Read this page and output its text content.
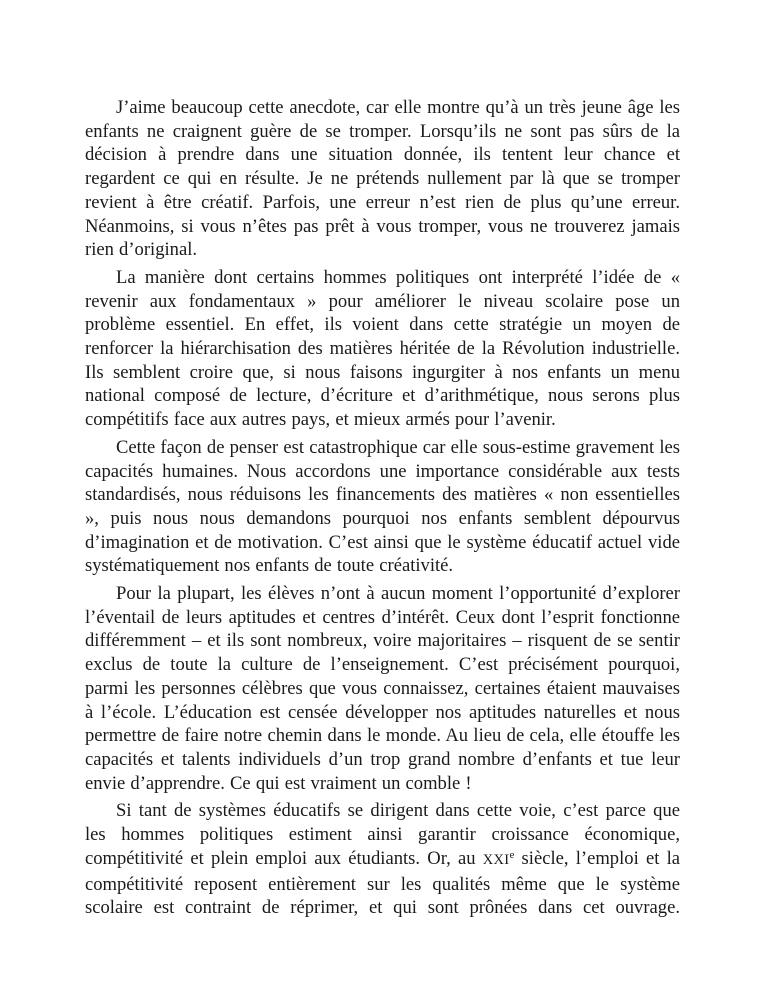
J’aime beaucoup cette anecdote, car elle montre qu’à un très jeune âge les enfants ne craignent guère de se tromper. Lorsqu’ils ne sont pas sûrs de la décision à prendre dans une situation donnée, ils tentent leur chance et regardent ce qui en résulte. Je ne prétends nullement par là que se tromper revient à être créatif. Parfois, une erreur n’est rien de plus qu’une erreur. Néanmoins, si vous n’êtes pas prêt à vous tromper, vous ne trouverez jamais rien d’original.

La manière dont certains hommes politiques ont interprété l’idée de « revenir aux fondamentaux » pour améliorer le niveau scolaire pose un problème essentiel. En effet, ils voient dans cette stratégie un moyen de renforcer la hiérarchisation des matières héritée de la Révolution industrielle. Ils semblent croire que, si nous faisons ingurgiter à nos enfants un menu national composé de lecture, d’écriture et d’arithmétique, nous serons plus compétitifs face aux autres pays, et mieux armés pour l’avenir.

Cette façon de penser est catastrophique car elle sous-estime gravement les capacités humaines. Nous accordons une importance considérable aux tests standardisés, nous réduisons les financements des matières « non essentielles », puis nous nous demandons pourquoi nos enfants semblent dépourvus d’imagination et de motivation. C’est ainsi que le système éducatif actuel vide systématiquement nos enfants de toute créativité.

Pour la plupart, les élèves n’ont à aucun moment l’opportunité d’explorer l’éventail de leurs aptitudes et centres d’intérêt. Ceux dont l’esprit fonctionne différemment – et ils sont nombreux, voire majoritaires – risquent de se sentir exclus de toute la culture de l’enseignement. C’est précisément pourquoi, parmi les personnes célèbres que vous connaissez, certaines étaient mauvaises à l’école. L’éducation est censée développer nos aptitudes naturelles et nous permettre de faire notre chemin dans le monde. Au lieu de cela, elle étouffe les capacités et talents individuels d’un trop grand nombre d’enfants et tue leur envie d’apprendre. Ce qui est vraiment un comble !

Si tant de systèmes éducatifs se dirigent dans cette voie, c’est parce que les hommes politiques estiment ainsi garantir croissance économique, compétitivité et plein emploi aux étudiants. Or, au XXIe siècle, l’emploi et la compétitivité reposent entièrement sur les qualités même que le système scolaire est contraint de réprimer, et qui sont prônées dans cet ouvrage.
